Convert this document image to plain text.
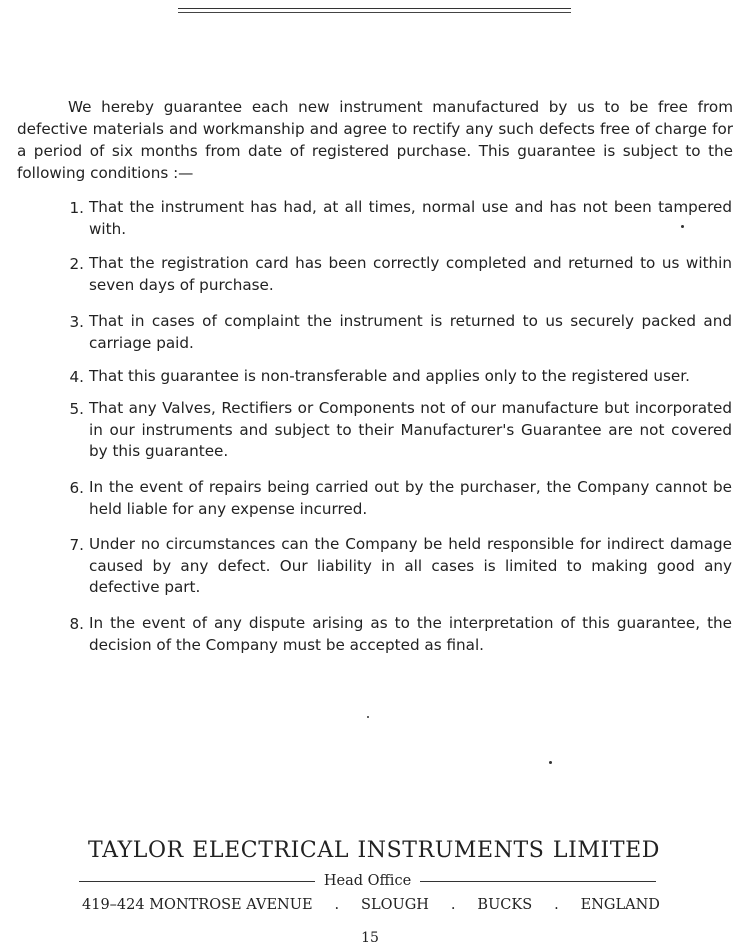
We hereby guarantee each new instrument manufactured by us to be free from defective materials and workmanship and agree to rectify any such defects free of charge for a period of six months from date of registered purchase. This guarantee is subject to the following conditions :—

1. That the instrument has had, at all times, normal use and has not been tampered with.

2. That the registration card has been correctly completed and returned to us within seven days of purchase.

3. That in cases of complaint the instrument is returned to us securely packed and carriage paid.

4. That this guarantee is non-transferable and applies only to the registered user.

5. That any Valves, Rectifiers or Components not of our manufacture but incorporated in our instruments and subject to their Manufacturer's Guarantee are not covered by this guarantee.

6. In the event of repairs being carried out by the purchaser, the Company cannot be held liable for any expense incurred.

7. Under no circumstances can the Company be held responsible for indirect damage caused by any defect. Our liability in all cases is limited to making good any defective part.

8. In the event of any dispute arising as to the interpretation of this guarantee, the decision of the Company must be accepted as final.

TAYLOR ELECTRICAL INSTRUMENTS LIMITED
Head Office
419–424 MONTROSE AVENUE . SLOUGH . BUCKS . ENGLAND
15
